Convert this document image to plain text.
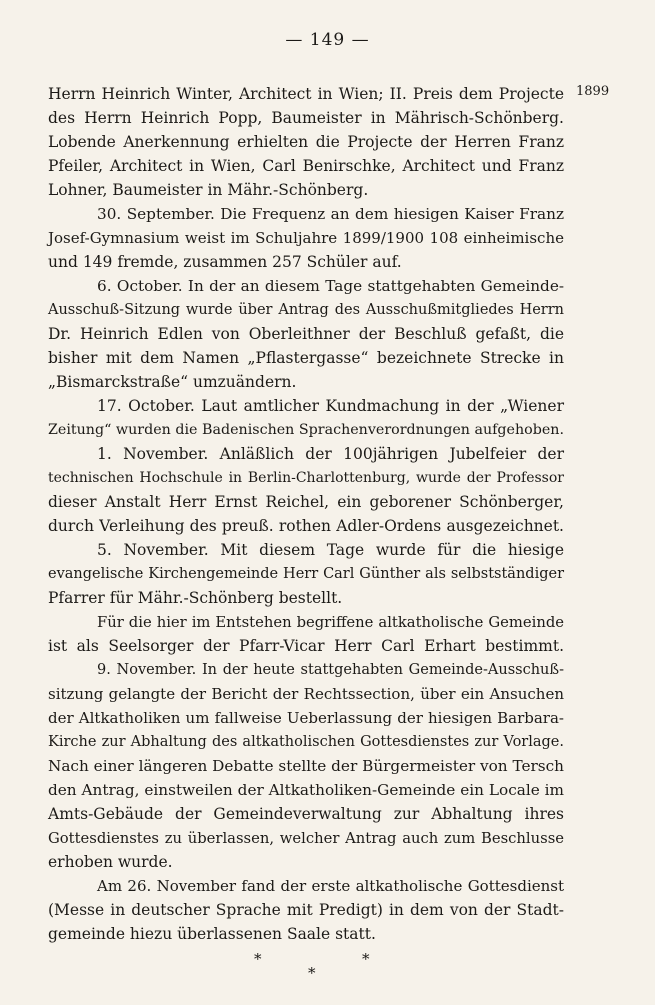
— 149 —
1899
Herrn Heinrich Winter, Architect in Wien; II. Preis dem Projecte
des Herrn Heinrich Popp, Baumeister in Mährisch-Schönberg.
Lobende Anerkennung erhielten die Projecte der Herren Franz
Pfeiler, Architect in Wien, Carl Benirschke, Architect und Franz
Lohner, Baumeister in Mähr.-Schönberg.
30. September. Die Frequenz an dem hiesigen Kaiser Franz
Josef-Gymnasium weist im Schuljahre 1899/1900 108 einheimische
und 149 fremde, zusammen 257 Schüler auf.
6. October. In der an diesem Tage stattgehabten Gemeinde-
Ausschuß-Sitzung wurde über Antrag des Ausschußmitgliedes Herrn
Dr. Heinrich Edlen von Oberleithner der Beschluß gefaßt, die
bisher mit dem Namen „Pflastergasse“ bezeichnete Strecke in
„Bismarckstraße“ umzuändern.
17. October. Laut amtlicher Kundmachung in der „Wiener
Zeitung“ wurden die Badenischen Sprachenverordnungen aufgehoben.
1. November. Anläßlich der 100jährigen Jubelfeier der
technischen Hochschule in Berlin-Charlottenburg, wurde der Professor
dieser Anstalt Herr Ernst Reichel, ein geborener Schönberger,
durch Verleihung des preuß. rothen Adler-Ordens ausgezeichnet.
5. November. Mit diesem Tage wurde für die hiesige
evangelische Kirchengemeinde Herr Carl Günther als selbstständiger
Pfarrer für Mähr.-Schönberg bestellt.
Für die hier im Entstehen begriffene altkatholische Gemeinde
ist als Seelsorger der Pfarr-Vicar Herr Carl Erhart bestimmt.
9. November. In der heute stattgehabten Gemeinde-Ausschuß-
sitzung gelangte der Bericht der Rechtssection, über ein Ansuchen
der Altkatholiken um fallweise Ueberlassung der hiesigen Barbara-
Kirche zur Abhaltung des altkatholischen Gottesdienstes zur Vorlage.
Nach einer längeren Debatte stellte der Bürgermeister von Tersch
den Antrag, einstweilen der Altkatholiken-Gemeinde ein Locale im
Amts-Gebäude der Gemeindeverwaltung zur Abhaltung ihres
Gottesdienstes zu überlassen, welcher Antrag auch zum Beschlusse
erhoben wurde.
Am 26. November fand der erste altkatholische Gottesdienst
(Messe in deutscher Sprache mit Predigt) in dem von der Stadt-
gemeinde hiezu überlassenen Saale statt.
*
*
*
